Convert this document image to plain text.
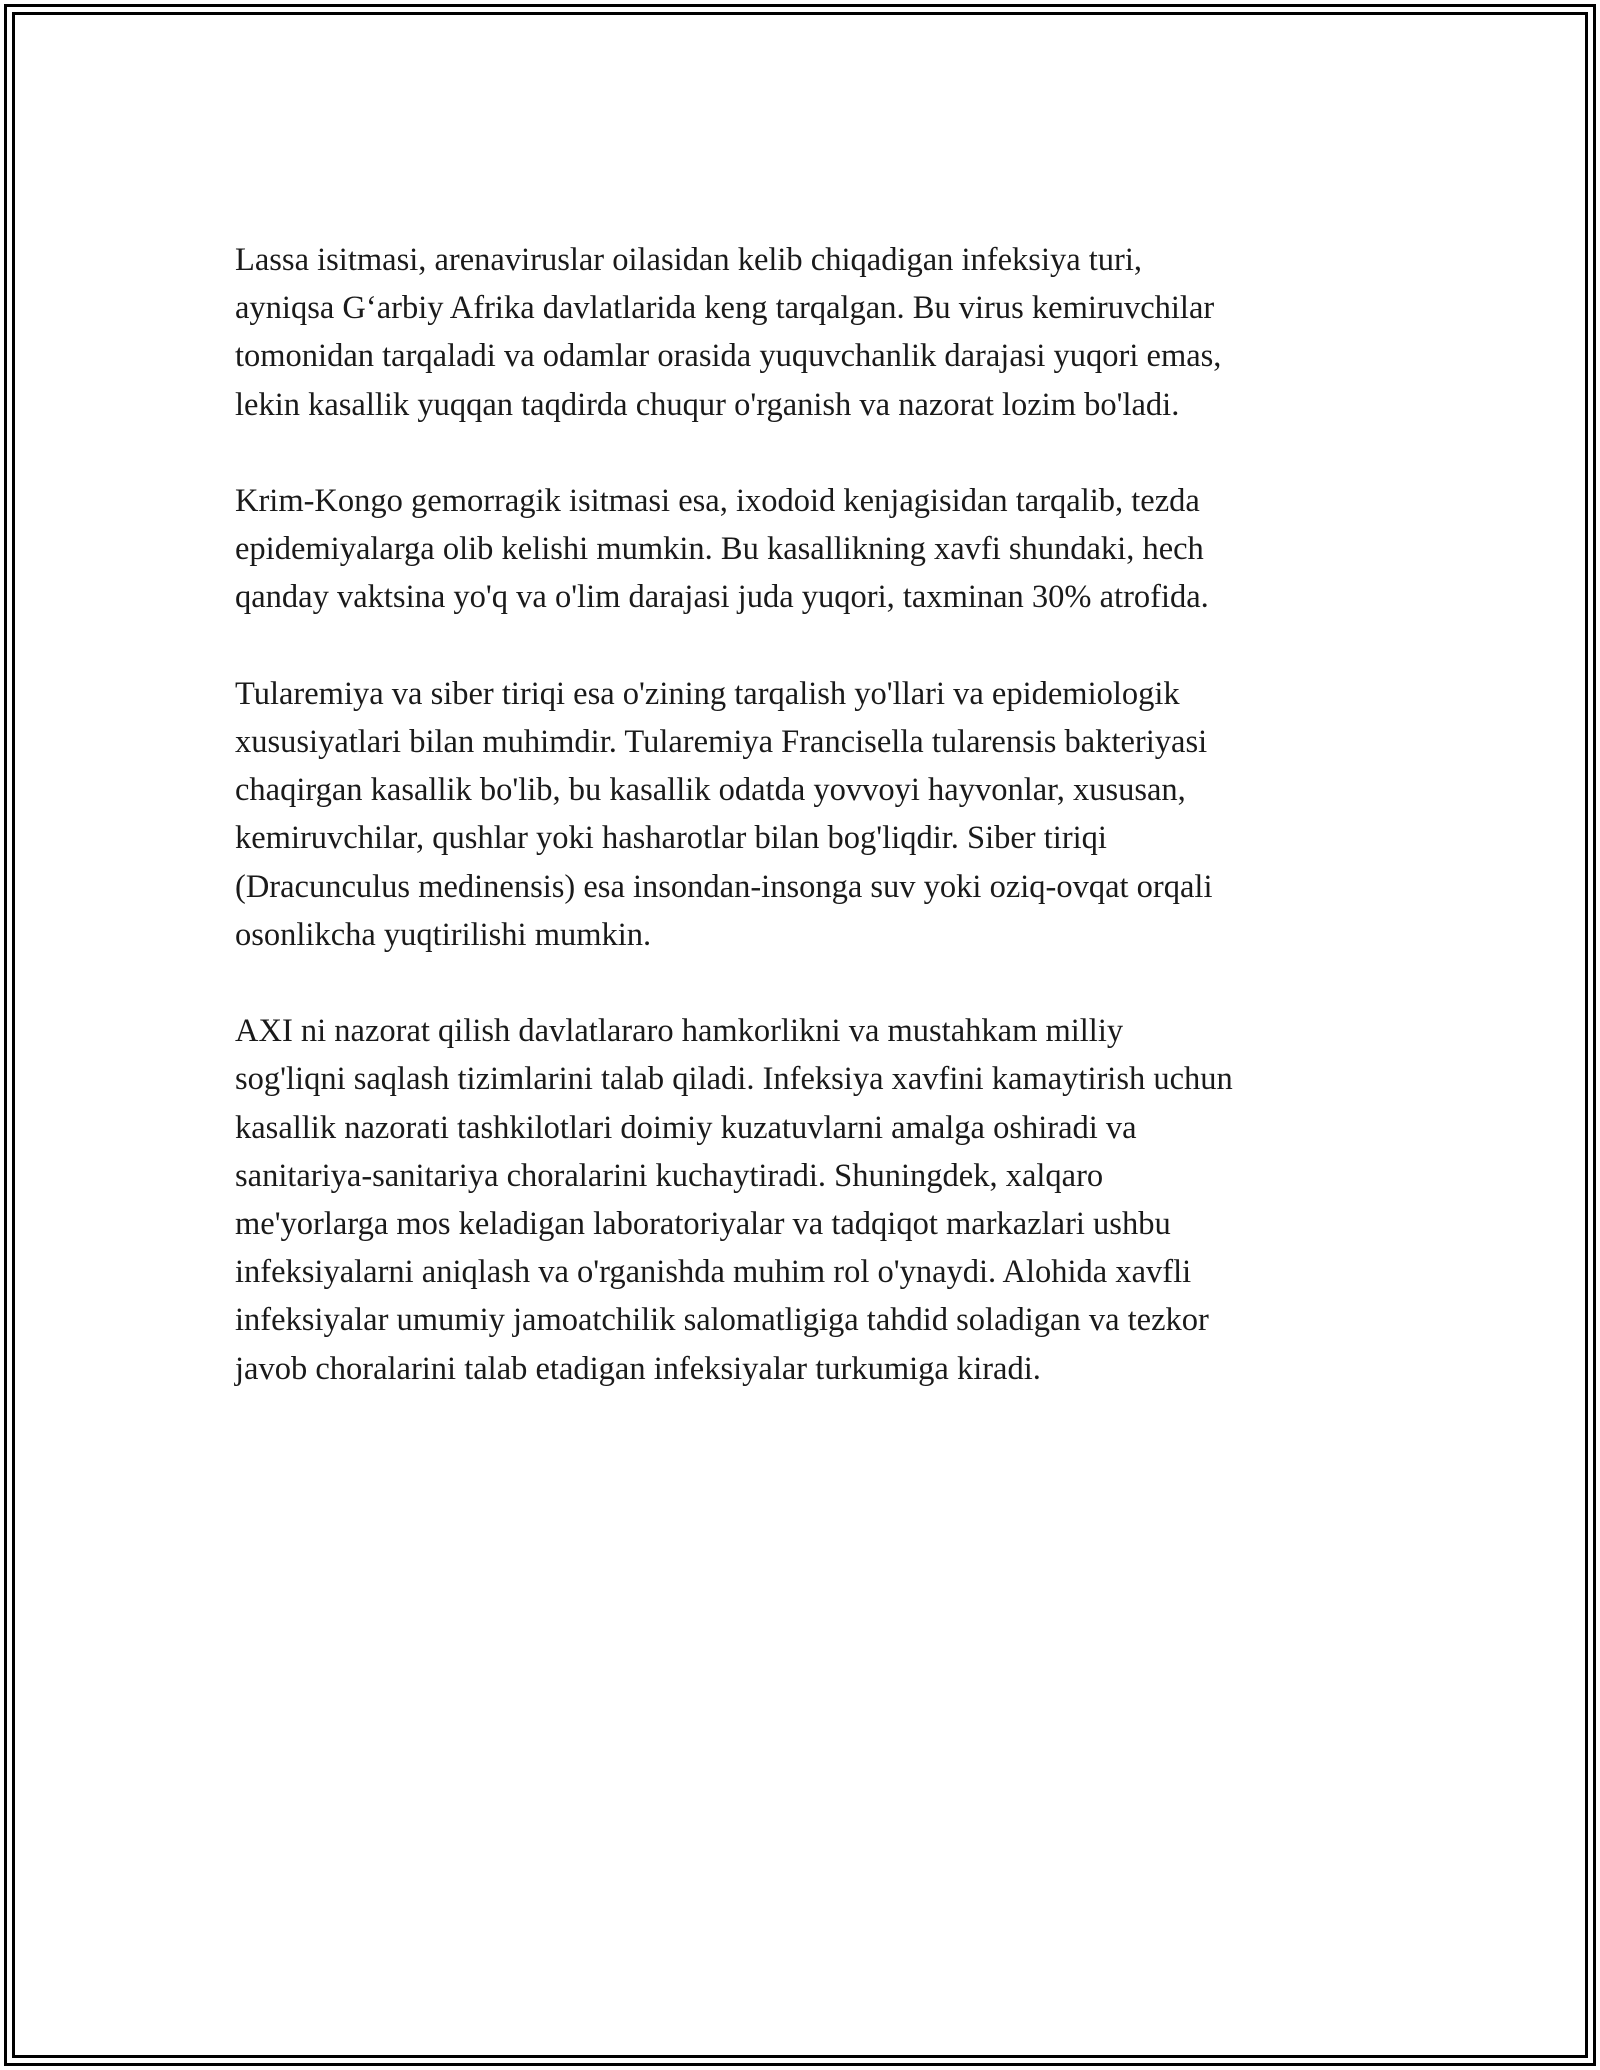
Lassa isitmasi, arenaviruslar oilasidan kelib chiqadigan infeksiya turi,
ayniqsa G‘arbiy Afrika davlatlarida keng tarqalgan. Bu virus kemiruvchilar
tomonidan tarqaladi va odamlar orasida yuquvchanlik darajasi yuqori emas,
lekin kasallik yuqqan taqdirda chuqur o'rganish va nazorat lozim bo'ladi.

Krim-Kongo gemorragik isitmasi esa, ixodoid kenjagisidan tarqalib, tezda
epidemiyalarga olib kelishi mumkin. Bu kasallikning xavfi shundaki, hech
qanday vaktsina yo'q va o'lim darajasi juda yuqori, taxminan 30% atrofida.

Tularemiya va siber tiriqi esa o'zining tarqalish yo'llari va epidemiologik
xususiyatlari bilan muhimdir. Tularemiya Francisella tularensis bakteriyasi
chaqirgan kasallik bo'lib, bu kasallik odatda yovvoyi hayvonlar, xususan,
kemiruvchilar, qushlar yoki hasharotlar bilan bog'liqdir. Siber tiriqi
(Dracunculus medinensis) esa insondan-insonga suv yoki oziq-ovqat orqali
osonlikcha yuqtirilishi mumkin.

AXI ni nazorat qilish davlatlararo hamkorlikni va mustahkam milliy
sog'liqni saqlash tizimlarini talab qiladi. Infeksiya xavfini kamaytirish uchun
kasallik nazorati tashkilotlari doimiy kuzatuvlarni amalga oshiradi va
sanitariya-sanitariya choralarini kuchaytiradi. Shuningdek, xalqaro
me'yorlarga mos keladigan laboratoriyalar va tadqiqot markazlari ushbu
infeksiyalarni aniqlash va o'rganishda muhim rol o'ynaydi. Alohida xavfli
infeksiyalar umumiy jamoatchilik salomatligiga tahdid soladigan va tezkor
javob choralarini talab etadigan infeksiyalar turkumiga kiradi.
